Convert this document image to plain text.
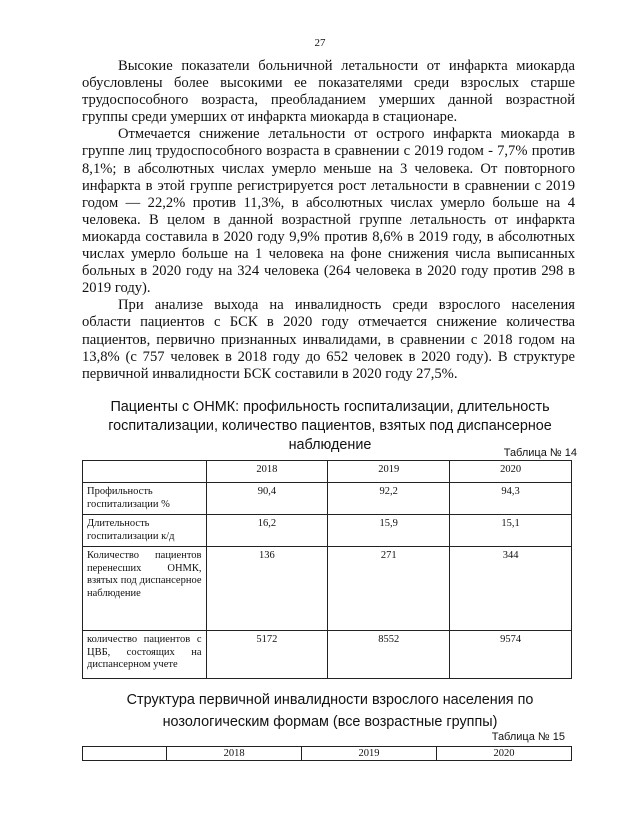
27

Высокие показатели больничной летальности от инфаркта миокарда обусловлены более высокими ее показателями среди взрослых старше трудоспособного возраста, преобладанием умерших данной возрастной группы среди умерших от инфаркта миокарда в стационаре.

Отмечается снижение летальности от острого инфаркта миокарда в группе лиц трудоспособного возраста в сравнении с 2019 годом - 7,7% против 8,1%; в абсолютных числах умерло меньше на 3 человека. От повторного инфаркта в этой группе регистрируется рост летальности в сравнении с 2019 годом — 22,2% против 11,3%, в абсолютных числах умерло больше на 4 человека. В целом в данной возрастной группе летальность от инфаркта миокарда составила в 2020 году 9,9% против 8,6% в 2019 году, в абсолютных числах умерло больше на 1 человека на фоне снижения числа выписанных больных в 2020 году на 324 человека (264 человека в 2020 году против 298 в 2019 году).

При анализе выхода на инвалидность среди взрослого населения области пациентов с БСК в 2020 году отмечается снижение количества пациентов, первично признанных инвалидами, в сравнении с 2018 годом на 13,8% (с 757 человек в 2018 году до 652 человек в 2020 году). В структуре первичной инвалидности БСК составили в 2020 году 27,5%.

Пациенты с ОНМК: профильность госпитализации, длительность госпитализации, количество пациентов, взятых под диспансерное наблюдение	Таблица № 14
	2018	2019	2020
Профильность госпитализации %	90,4	92,2	94,3
Длительность госпитализации к/д	16,2	15,9	15,1
Количество пациентов перенесших ОНМК, взятых под диспансерное наблюдение	136	271	344
количество пациентов с ЦВБ, состоящих на диспансерном учете	5172	8552	9574
Структура первичной инвалидности взрослого населения по нозологическим формам (все возрастные группы)
Таблица № 15
	2018	2019	2020
